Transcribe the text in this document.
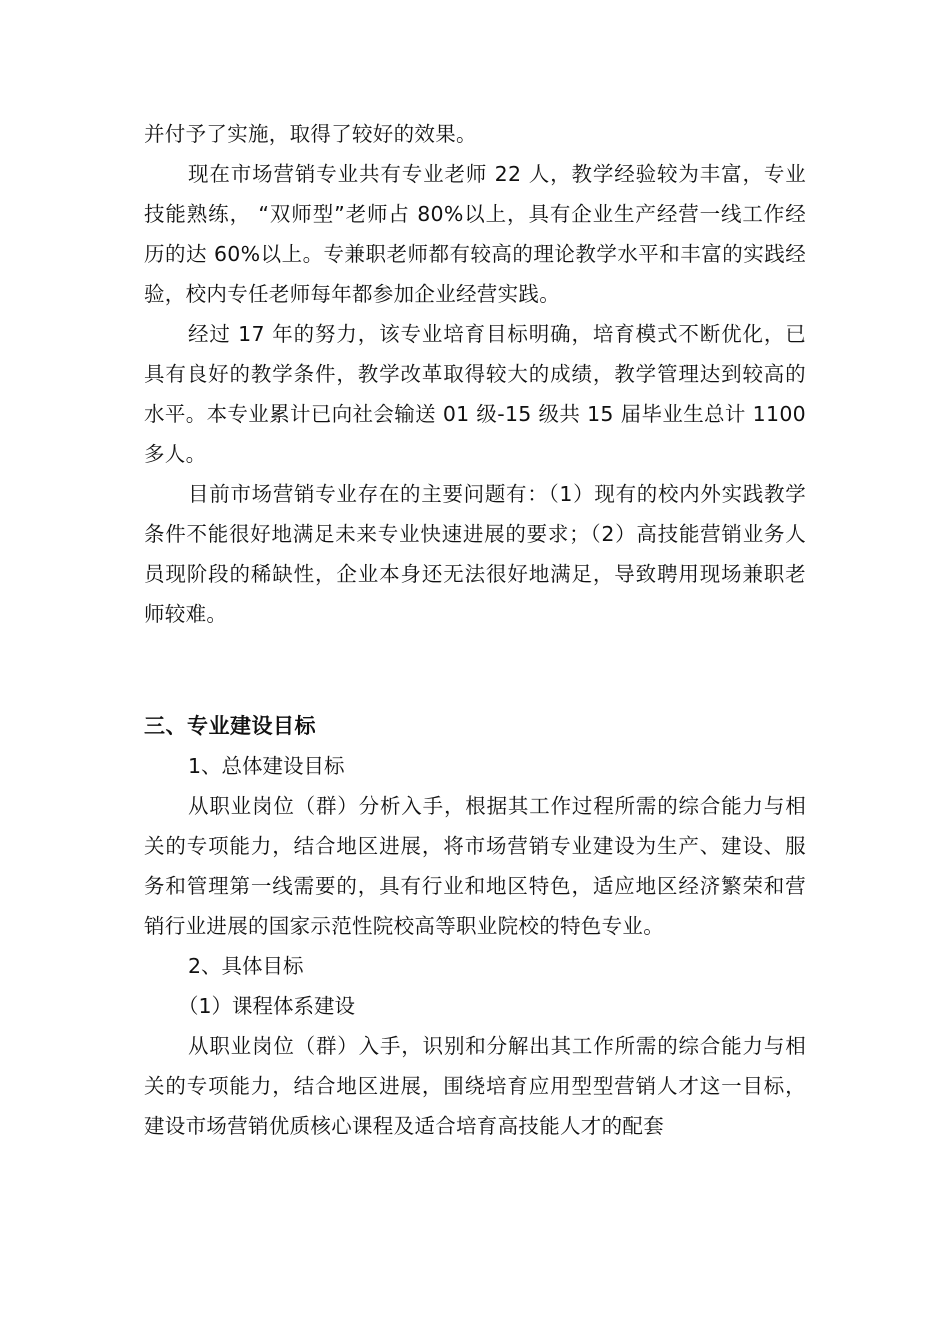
并付予了实施，取得了较好的效果。

现在市场营销专业共有专业老师 22 人，教学经验较为丰富，专业技能熟练， “双师型”老师占 80%以上，具有企业生产经营一线工作经历的达 60%以上。专兼职老师都有较高的理论教学水平和丰富的实践经验，校内专任老师每年都参加企业经营实践。

经过 17 年的努力，该专业培育目标明确，培育模式不断优化，已具有良好的教学条件，教学改革取得较大的成绩，教学管理达到较高的水平。本专业累计已向社会输送 01 级-15 级共 15 届毕业生总计 1100 多人。

目前市场营销专业存在的主要问题有：（1）现有的校内外实践教学条件不能很好地满足未来专业快速进展的要求；（2）高技能营销业务人员现阶段的稀缺性，企业本身还无法很好地满足，导致聘用现场兼职老师较难。

三、专业建设目标

1、总体建设目标

从职业岗位（群）分析入手，根据其工作过程所需的综合能力与相关的专项能力，结合地区进展，将市场营销专业建设为生产、建设、服务和管理第一线需要的，具有行业和地区特色，适应地区经济繁荣和营销行业进展的国家示范性院校高等职业院校的特色专业。

2、具体目标

（1）课程体系建设

从职业岗位（群）入手，识别和分解出其工作所需的综合能力与相关的专项能力，结合地区进展，围绕培育应用型型营销人才这一目标，建设市场营销优质核心课程及适合培育高技能人才的配套
